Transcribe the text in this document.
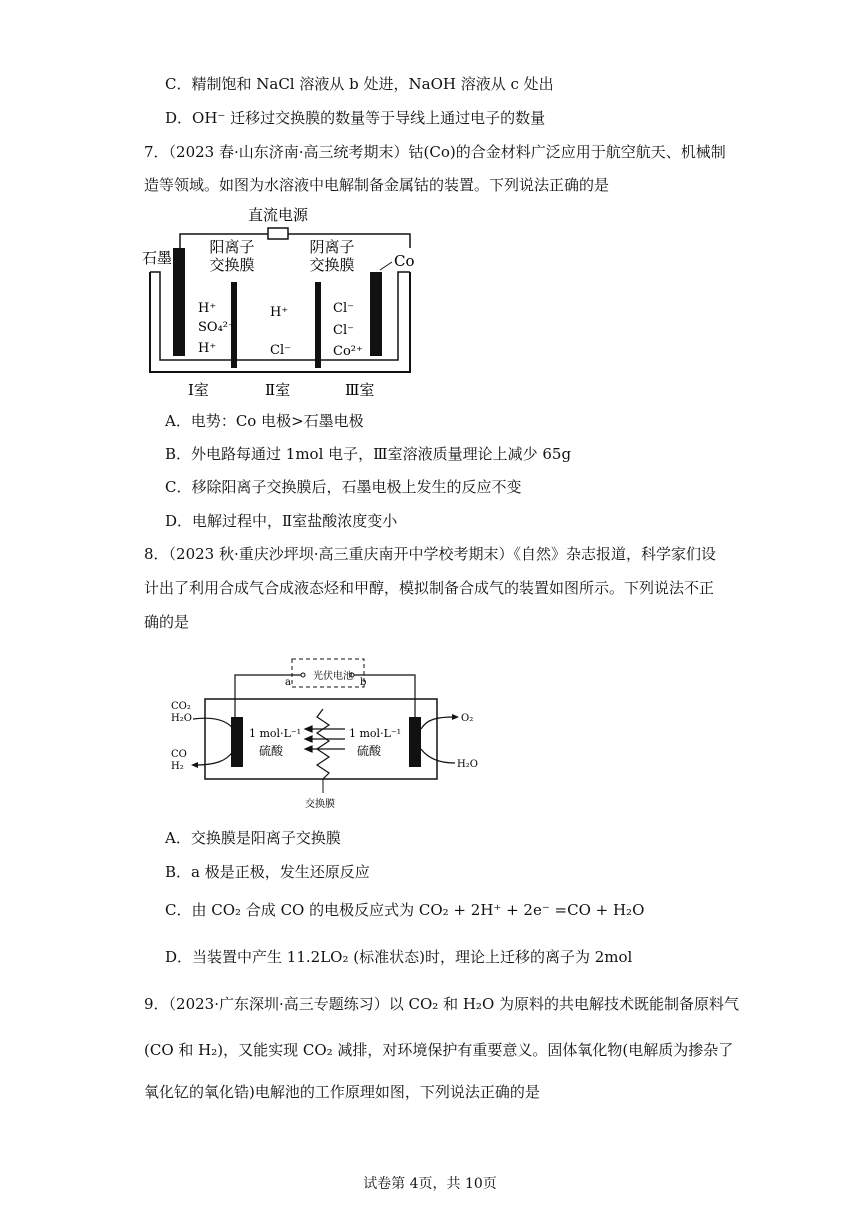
C．精制饱和 NaCl 溶液从 b 处进，NaOH 溶液从 c 处出
D．OH⁻ 迁移过交换膜的数量等于导线上通过电子的数量
7．（2023 春·山东济南·高三统考期末）钴(Co)的合金材料广泛应用于航空航天、机械制
造等领域。如图为水溶液中电解制备金属钴的装置。下列说法正确的是
直流电源
石墨
阳离子
交换膜
阴离子
交换膜	Co
H⁺
SO₄²⁻
H⁺
H⁺
Cl⁻
Cl⁻
Cl⁻
Co²⁺
Ⅰ室	Ⅱ室	Ⅲ室
A．电势：Co 电极>石墨电极
B．外电路每通过 1mol 电子，Ⅲ室溶液质量理论上减少 65g
C．移除阳离子交换膜后，石墨电极上发生的反应不变
D．电解过程中，Ⅱ室盐酸浓度变小
8．（2023 秋·重庆沙坪坝·高三重庆南开中学校考期末）《自然》杂志报道，科学家们设
计出了利用合成气合成液态烃和甲醇，模拟制备合成气的装置如图所示。下列说法不正
确的是
光伏电池
a	b
交换膜
1 mol·L⁻¹
硫酸
1 mol·L⁻¹
硫酸
CO₂
H₂O
CO
H₂
O₂
H₂O
A．交换膜是阳离子交换膜
B．a 极是正极，发生还原反应
C．由 CO₂ 合成 CO 的电极反应式为 CO₂ + 2H⁺ + 2e⁻ =CO + H₂O
D．当装置中产生 11.2LO₂ (标准状态)时，理论上迁移的离子为 2mol
9．（2023·广东深圳·高三专题练习）以 CO₂ 和 H₂O 为原料的共电解技术既能制备原料气
(CO 和 H₂)，又能实现 CO₂ 减排，对环境保护有重要意义。固体氧化物(电解质为掺杂了
氧化钇的氧化锆)电解池的工作原理如图，下列说法正确的是
试卷第 4页，共 10页
